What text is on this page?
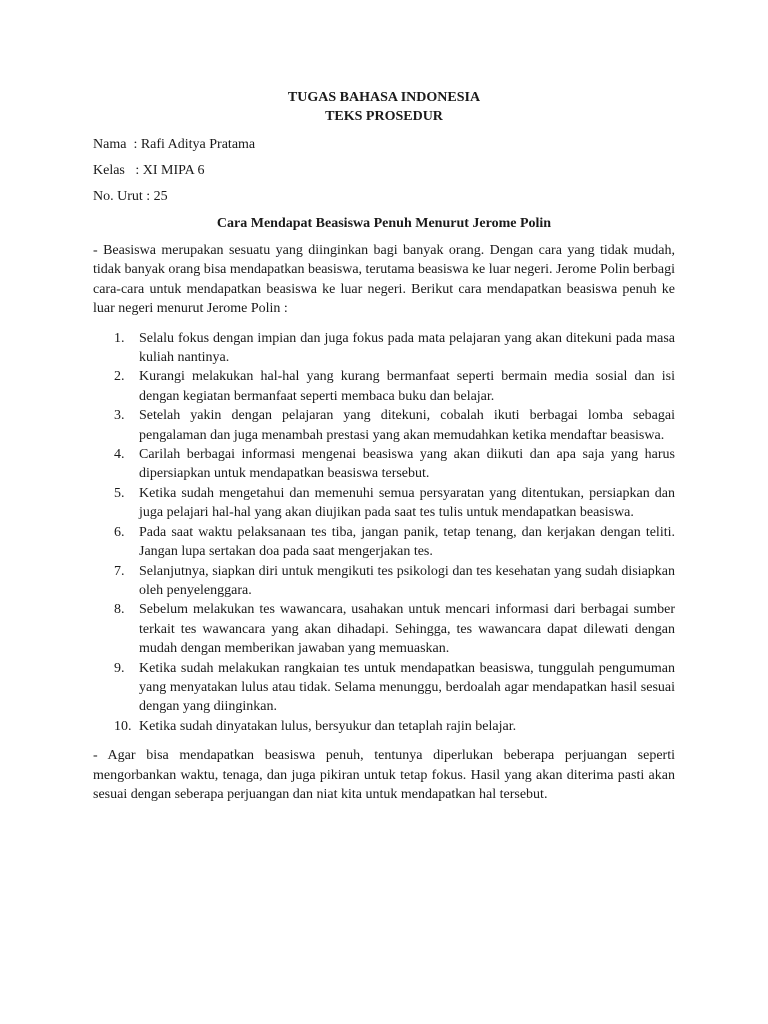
TUGAS BAHASA INDONESIA
TEKS PROSEDUR
Nama : Rafi Aditya Pratama
Kelas : XI MIPA 6
No. Urut : 25
Cara Mendapat Beasiswa Penuh Menurut Jerome Polin
- Beasiswa merupakan sesuatu yang diinginkan bagi banyak orang. Dengan cara yang tidak mudah, tidak banyak orang bisa mendapatkan beasiswa, terutama beasiswa ke luar negeri. Jerome Polin berbagi cara-cara untuk mendapatkan beasiswa ke luar negeri. Berikut cara mendapatkan beasiswa penuh ke luar negeri menurut Jerome Polin :
1.	Selalu fokus dengan impian dan juga fokus pada mata pelajaran yang akan ditekuni pada masa kuliah nantinya.
2.	Kurangi melakukan hal-hal yang kurang bermanfaat seperti bermain media sosial dan isi dengan kegiatan bermanfaat seperti membaca buku dan belajar.
3.	Setelah yakin dengan pelajaran yang ditekuni, cobalah ikuti berbagai lomba sebagai pengalaman dan juga menambah prestasi yang akan memudahkan ketika mendaftar beasiswa.
4.	Carilah berbagai informasi mengenai beasiswa yang akan diikuti dan apa saja yang harus dipersiapkan untuk mendapatkan beasiswa tersebut.
5.	Ketika sudah mengetahui dan memenuhi semua persyaratan yang ditentukan, persiapkan dan juga pelajari hal-hal yang akan diujikan pada saat tes tulis untuk mendapatkan beasiswa.
6.	Pada saat waktu pelaksanaan tes tiba, jangan panik, tetap tenang, dan kerjakan dengan teliti. Jangan lupa sertakan doa pada saat mengerjakan tes.
7.	Selanjutnya, siapkan diri untuk mengikuti tes psikologi dan tes kesehatan yang sudah disiapkan oleh penyelenggara.
8.	Sebelum melakukan tes wawancara, usahakan untuk mencari informasi dari berbagai sumber terkait tes wawancara yang akan dihadapi. Sehingga, tes wawancara dapat dilewati dengan mudah dengan memberikan jawaban yang memuaskan.
9.	Ketika sudah melakukan rangkaian tes untuk mendapatkan beasiswa, tunggulah pengumuman yang menyatakan lulus atau tidak. Selama menunggu, berdoalah agar mendapatkan hasil sesuai dengan yang diinginkan.
10. Ketika sudah dinyatakan lulus, bersyukur dan tetaplah rajin belajar.
- Agar bisa mendapatkan beasiswa penuh, tentunya diperlukan beberapa perjuangan seperti mengorbankan waktu, tenaga, dan juga pikiran untuk tetap fokus. Hasil yang akan diterima pasti akan sesuai dengan seberapa perjuangan dan niat kita untuk mendapatkan hal tersebut.
